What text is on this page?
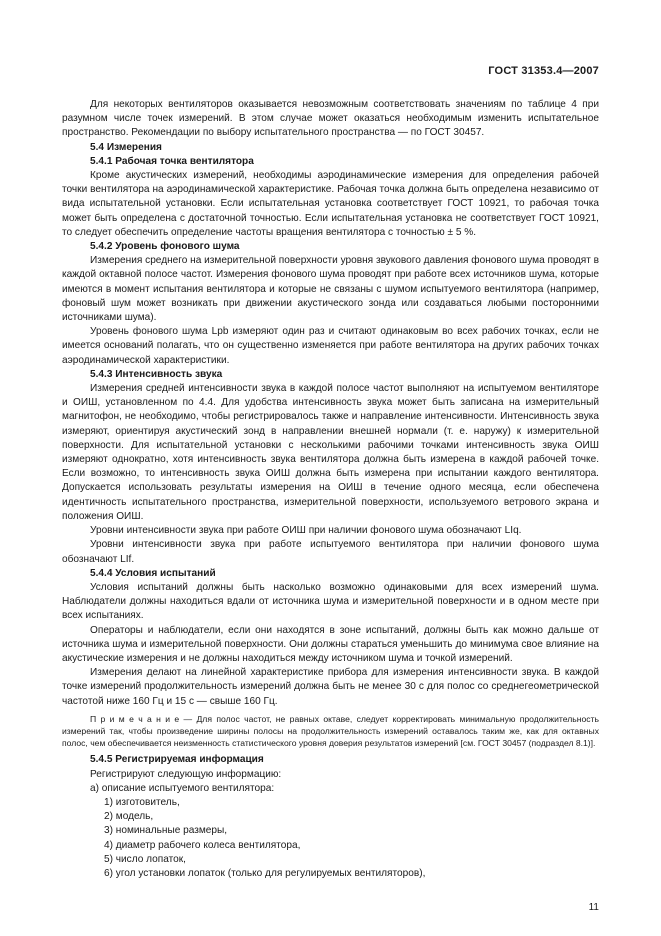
ГОСТ 31353.4—2007

Для некоторых вентиляторов оказывается невозможным соответствовать значениям по таблице 4 при разумном числе точек измерений. В этом случае может оказаться необходимым изменить испытательное пространство. Рекомендации по выбору испытательного пространства — по ГОСТ 30457.

5.4 Измерения

5.4.1 Рабочая точка вентилятора

Кроме акустических измерений, необходимы аэродинамические измерения для определения рабочей точки вентилятора на аэродинамической характеристике. Рабочая точка должна быть определена независимо от вида испытательной установки. Если испытательная установка соответствует ГОСТ 10921, то рабочая точка может быть определена с достаточной точностью. Если испытательная установка не соответствует ГОСТ 10921, то следует обеспечить определение частоты вращения вентилятора с точностью ± 5 %.

5.4.2 Уровень фонового шума

Измерения среднего на измерительной поверхности уровня звукового давления фонового шума проводят в каждой октавной полосе частот. Измерения фонового шума проводят при работе всех источников шума, которые имеются в момент испытания вентилятора и которые не связаны с шумом испытуемого вентилятора (например, фоновый шум может возникать при движении акустического зонда или создаваться любыми посторонними источниками шума).

Уровень фонового шума Lpb измеряют один раз и считают одинаковым во всех рабочих точках, если не имеется оснований полагать, что он существенно изменяется при работе вентилятора на других рабочих точках аэродинамической характеристики.

5.4.3 Интенсивность звука

Измерения средней интенсивности звука в каждой полосе частот выполняют на испытуемом вентиляторе и ОИШ, установленном по 4.4. Для удобства интенсивность звука может быть записана на измерительный магнитофон, не необходимо, чтобы регистрировалось также и направление интенсивности. Интенсивность звука измеряют, ориентируя акустический зонд в направлении внешней нормали (т. е. наружу) к измерительной поверхности. Для испытательной установки с несколькими рабочими точками интенсивность звука ОИШ измеряют однократно, хотя интенсивность звука вентилятора должна быть измерена в каждой рабочей точке. Если возможно, то интенсивность звука ОИШ должна быть измерена при испытании каждого вентилятора. Допускается использовать результаты измерения на ОИШ в течение одного месяца, если обеспечена идентичность испытательного пространства, измерительной поверхности, используемого ветрового экрана и положения ОИШ.

Уровни интенсивности звука при работе ОИШ при наличии фонового шума обозначают LIq.

Уровни интенсивности звука при работе испытуемого вентилятора при наличии фонового шума обозначают LIf.

5.4.4 Условия испытаний

Условия испытаний должны быть насколько возможно одинаковыми для всех измерений шума. Наблюдатели должны находиться вдали от источника шума и измерительной поверхности и в одном месте при всех испытаниях.

Операторы и наблюдатели, если они находятся в зоне испытаний, должны быть как можно дальше от источника шума и измерительной поверхности. Они должны стараться уменьшить до минимума свое влияние на акустические измерения и не должны находиться между источником шума и точкой измерений.

Измерения делают на линейной характеристике прибора для измерения интенсивности звука. В каждой точке измерений продолжительность измерений должна быть не менее 30 с для полос со среднегеометрической частотой ниже 160 Гц и 15 с — свыше 160 Гц.

П р и м е ч а н и е — Для полос частот, не равных октаве, следует корректировать минимальную продолжительность измерений так, чтобы произведение ширины полосы на продолжительность измерений оставалось таким же, как для октавных полос, чем обеспечивается неизменность статистического уровня доверия результатов измерений [см. ГОСТ 30457 (подраздел 8.1)].

5.4.5 Регистрируемая информация

Регистрируют следующую информацию:

а) описание испытуемого вентилятора:

1) изготовитель,

2) модель,

3) номинальные размеры,

4) диаметр рабочего колеса вентилятора,

5) число лопаток,

6) угол установки лопаток (только для регулируемых вентиляторов),

11
